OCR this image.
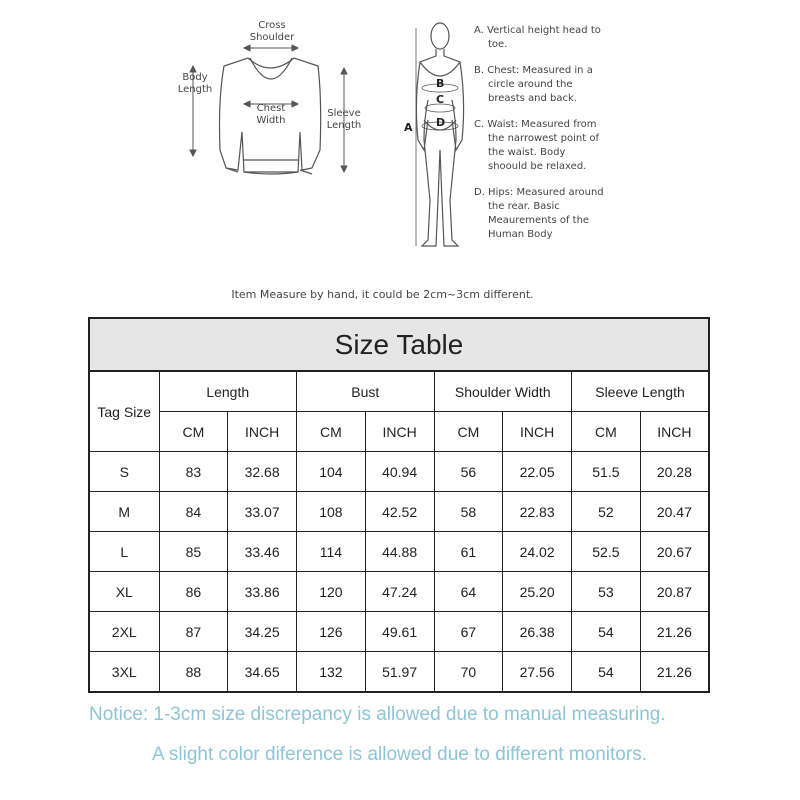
Cross
Shoulder
Body
Length
Chest
Width
Sleeve
Length	A
B
C
D
A. Vertical height head to toe.
B. Chest: Measured in a circle around the breasts and back.
C. Waist: Measured from the narrowest point of the waist. Body shoould be relaxed.
D. Hips: Measured around the rear. Basic Meaurements of the Human Body
Item Measure by hand, it could be 2cm~3cm different.
Size Table								
Tag Size	Length		Bust		Shoulder Width		Sleeve Length	
	CM	INCH	CM	INCH	CM	INCH	CM	INCH
S	83	32.68	104	40.94	56	22.05	51.5	20.28
M	84	33.07	108	42.52	58	22.83	52	20.47
L	85	33.46	114	44.88	61	24.02	52.5	20.67
XL	86	33.86	120	47.24	64	25.20	53	20.87
2XL	87	34.25	126	49.61	67	26.38	54	21.26
3XL	88	34.65	132	51.97	70	27.56	54	21.26
Notice: 1-3cm size discrepancy is allowed due to manual measuring.
A slight color diference is allowed due to different monitors.
